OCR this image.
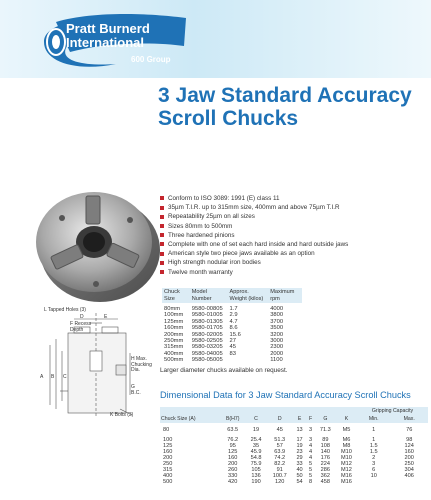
Pratt Burnerd
International
600 Group
3 Jaw Standard Accuracy
Scroll Chucks
Conform to ISO 3089: 1991 (E) class 11
35µm T.I.R. up to 315mm size, 400mm and above 75µm T.I.R
Repeatability 25µm on all sizes
Sizes 80mm to 500mm
Three hardened pinions
Complete with one of set each hard inside and hard outside jaws
American style two piece jaws available as an option
High strength nodular iron bodies
Twelve month warranty
Chuck Size	Model Number	Approx. Weight (kilos)	Maximum rpm
80mm	9580-00805	1.7	4000
100mm	9580-01005	2.9	3800
125mm	9580-01305	4.7	3700
160mm	9580-01705	8.6	3500
200mm	9580-02005	15.6	3200
250mm	9580-02505	27	3000
315mm	9580-03205	45	2300
400mm	9580-04005	83	2000
500mm	9580-05005		1100
Larger diameter chucks available on request.
L Tapped Holes (3)
D	E
F Recess Depth
A B C
H Max. Chucking Dia.
G B.C.
K Bolts (3)
Dimensional Data for 3 Jaw Standard Accuracy Scroll Chucks
Chuck Size (A)	B(H7)	C	D	E	F	G	K	Gripping Capacity	
								Min.	Max.
80	63.5	19	45	13	3	71.3	M5	1	76
100	76.2	25.4	51.3	17	3	89	M6	1	98
125	95	35	57	19	4	108	M8	1.5	124
160	125	45.9	63.9	23	4	140	M10	1.5	160
200	160	54.8	74.2	29	4	176	M10	2	200
250	200	75.9	82.2	33	5	224	M12	3	250
315	260	105	91	40	5	286	M12	6	304
400	330	136	100.7	50	5	362	M16	10	406
500	420	190	120	54	8	458	M16		
